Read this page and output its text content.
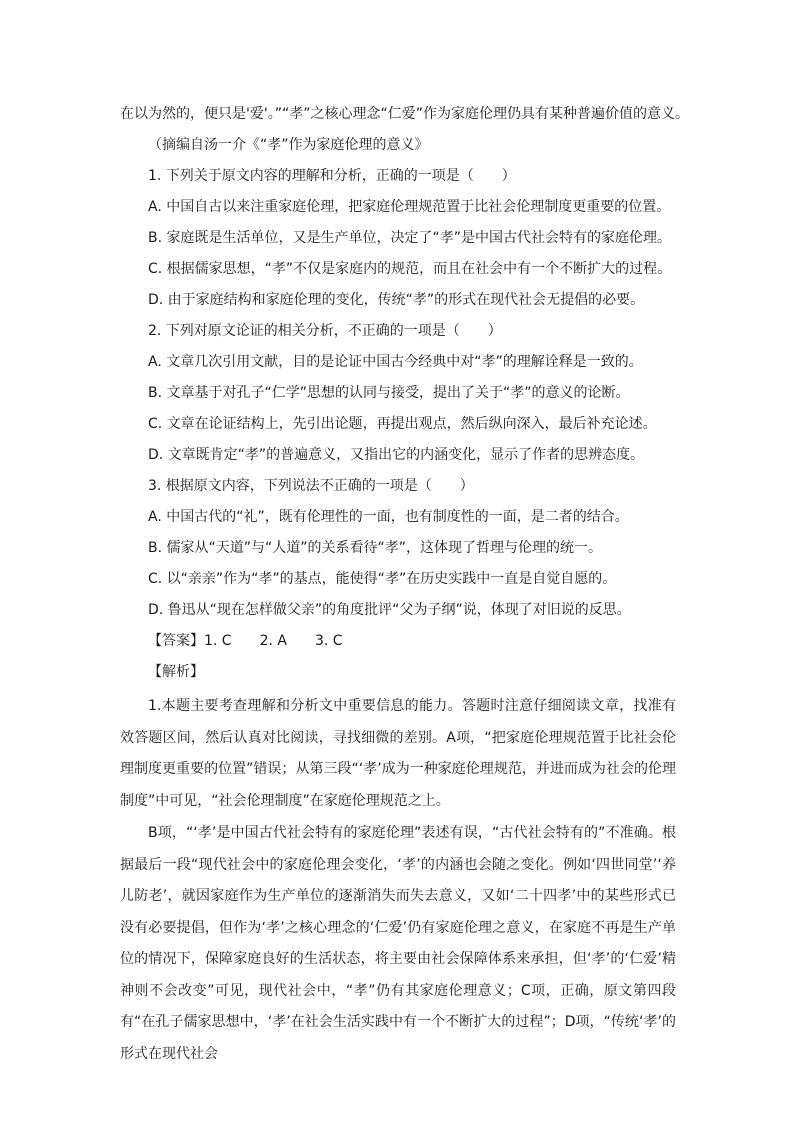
在以为然的，便只是'爱'。”“孝”之核心理念“仁爱”作为家庭伦理仍具有某种普遍价值的意义。
（摘编自汤一介《“孝”作为家庭伦理的意义》
1. 下列关于原文内容的理解和分析，正确的一项是（　　）
A. 中国自古以来注重家庭伦理，把家庭伦理规范置于比社会伦理制度更重要的位置。
B. 家庭既是生活单位，又是生产单位，决定了“孝”是中国古代社会特有的家庭伦理。
C. 根据儒家思想，“孝”不仅是家庭内的规范，而且在社会中有一个不断扩大的过程。
D. 由于家庭结构和家庭伦理的变化，传统“孝”的形式在现代社会无提倡的必要。
2. 下列对原文论证的相关分析，不正确的一项是（　　）
A. 文章几次引用文献，目的是论证中国古今经典中对“孝”的理解诠释是一致的。
B. 文章基于对孔子“仁学”思想的认同与接受，提出了关于“孝”的意义的论断。
C. 文章在论证结构上，先引出论题，再提出观点，然后纵向深入，最后补充论述。
D. 文章既肯定“孝”的普遍意义，又指出它的内涵变化，显示了作者的思辨态度。
3. 根据原文内容，下列说法不正确的一项是（　　）
A. 中国古代的“礼”，既有伦理性的一面，也有制度性的一面，是二者的结合。
B. 儒家从“天道”与“人道”的关系看待“孝”，这体现了哲理与伦理的统一。
C. 以“亲亲”作为“孝”的基点，能使得“孝”在历史实践中一直是自觉自愿的。
D. 鲁迅从“现在怎样做父亲”的角度批评“父为子纲”说，体现了对旧说的反思。
【答案】1. C　　2. A　　3. C
【解析】
1.本题主要考查理解和分析文中重要信息的能力。答题时注意仔细阅读文章，找准有效答题区间，然后认真对比阅读，寻找细微的差别。A项，“把家庭伦理规范置于比社会伦理制度更重要的位置”错误；从第三段“‘孝’成为一种家庭伦理规范，并进而成为社会的伦理制度”中可见，“社会伦理制度”在家庭伦理规范之上。
B项，“‘孝’是中国古代社会特有的家庭伦理”表述有误，“古代社会特有的”不准确。根据最后一段“现代社会中的家庭伦理会变化，‘孝’的内涵也会随之变化。例如‘四世同堂’‘养儿防老’，就因家庭作为生产单位的逐渐消失而失去意义，又如‘二十四孝’中的某些形式已没有必要提倡，但作为‘孝’之核心理念的‘仁爱’仍有家庭伦理之意义，在家庭不再是生产单位的情况下，保障家庭良好的生活状态，将主要由社会保障体系来承担，但‘孝’的‘仁爱’精神则不会改变”可见，现代社会中，“孝”仍有其家庭伦理意义；C项，正确，原文第四段有“在孔子儒家思想中，‘孝’在社会生活实践中有一个不断扩大的过程”；D项，“传统‘孝’的形式在现代社会
